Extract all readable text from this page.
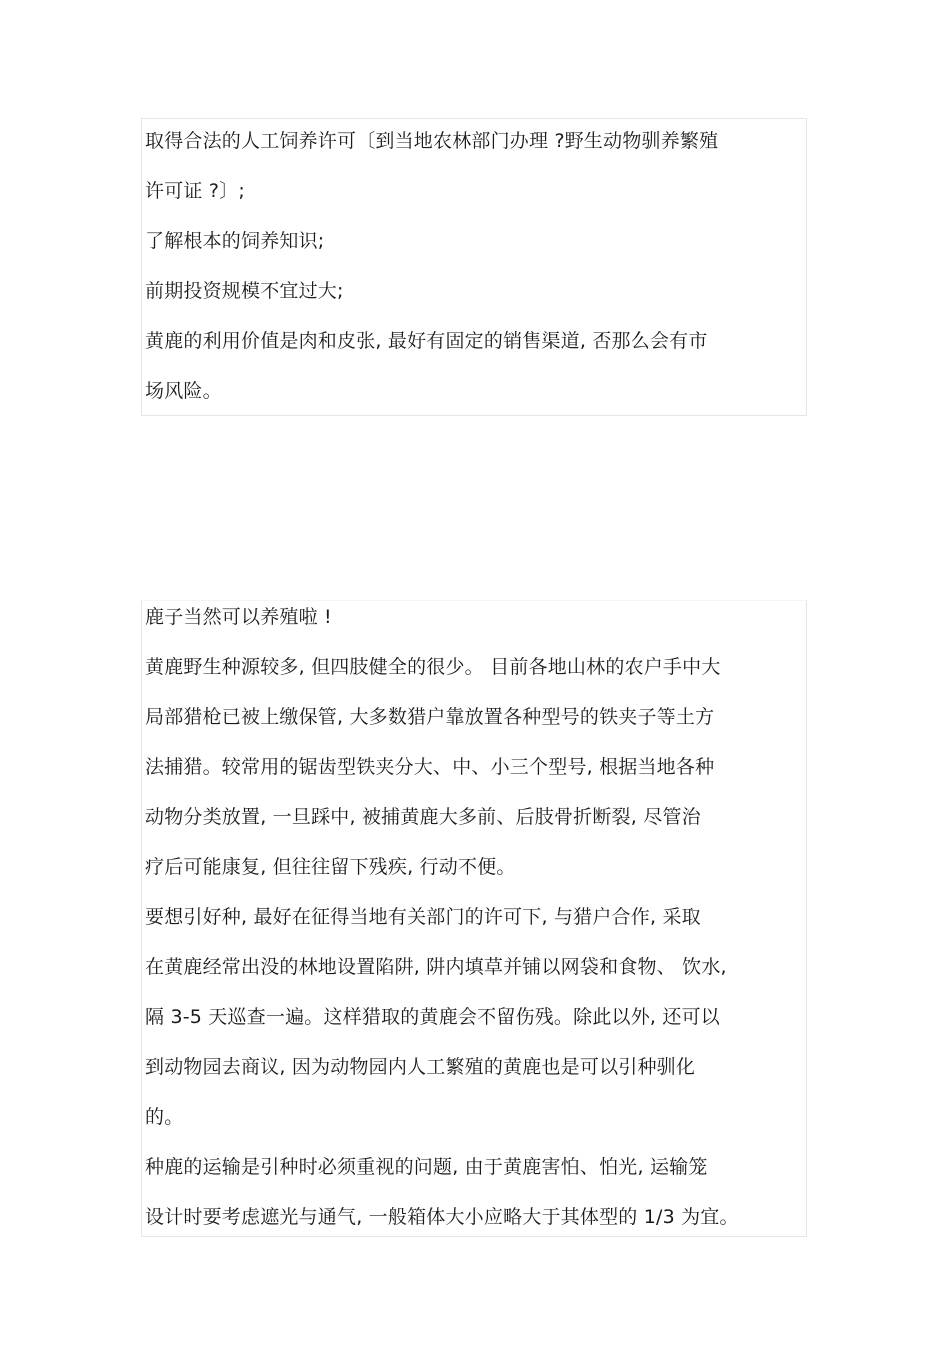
取得合法的人工饲养许可〔到当地农林部门办理 ?野生动物驯养繁殖
许可证 ?〕;
了解根本的饲养知识;
前期投资规模不宜过大;
黄鹿的利用价值是肉和皮张, 最好有固定的销售渠道, 否那么会有市
场风险。
鹿子当然可以养殖啦 !
黄鹿野生种源较多, 但四肢健全的很少。 目前各地山林的农户手中大
局部猎枪已被上缴保管, 大多数猎户靠放置各种型号的铁夹子等土方
法捕猎。较常用的锯齿型铁夹分大、中、小三个型号, 根据当地各种
动物分类放置, 一旦踩中, 被捕黄鹿大多前、后肢骨折断裂, 尽管治
疗后可能康复, 但往往留下残疾, 行动不便。
要想引好种, 最好在征得当地有关部门的许可下, 与猎户合作, 采取
在黄鹿经常出没的林地设置陷阱, 阱内填草并铺以网袋和食物、 饮水,
隔 3-5 天巡查一遍。这样猎取的黄鹿会不留伤残。除此以外, 还可以
到动物园去商议, 因为动物园内人工繁殖的黄鹿也是可以引种驯化
的。
种鹿的运输是引种时必须重视的问题, 由于黄鹿害怕、怕光, 运输笼
设计时要考虑遮光与通气, 一般箱体大小应略大于其体型的 1/3 为宜。
